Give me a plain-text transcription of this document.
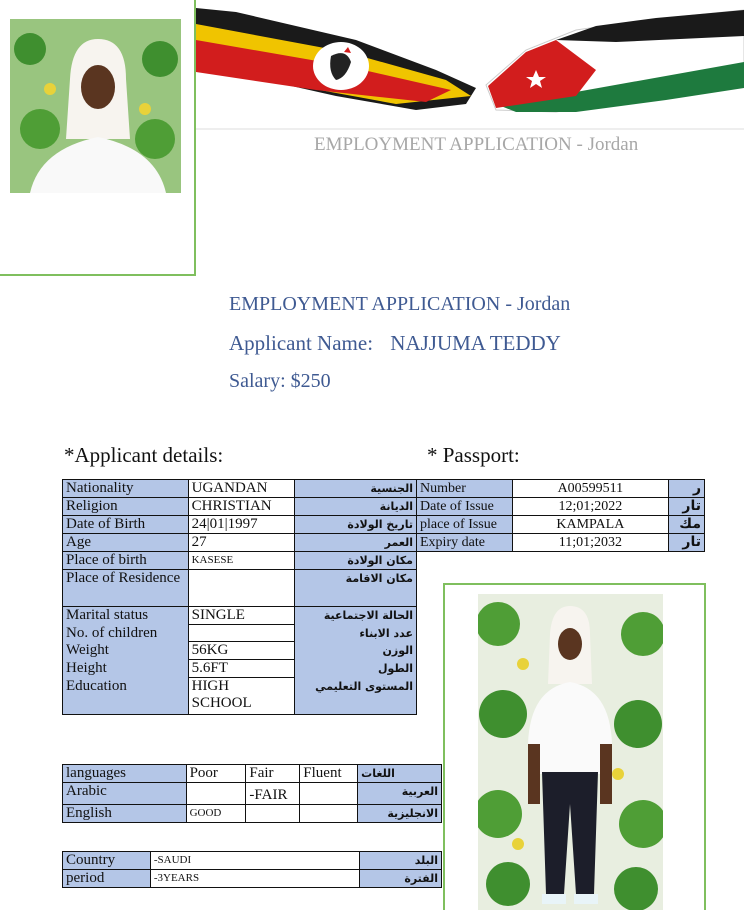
EMPLOYMENT APPLICATION - Jordan
EMPLOYMENT APPLICATION - Jordan
Applicant Name: NAJJUMA TEDDY
Salary: $250
*Applicant details:	* Passport:
Nationality	UGANDAN	الجنسية
Religion	CHRISTIAN	الديانة
Date of Birth	24|01|1997	تاريخ الولادة
Age	27	العمر
Place of birth	KASESE	مكان الولادة
Place of Residence		مكان الاقامة
Marital status	SINGLE	الحالة الاجتماعية
No. of children		عدد الابناء
Weight	56KG	الوزن
Height	5.6FT	الطول
Education	HIGH SCHOOL	المستوى التعليمي
Number	A00599511	ر
Date of Issue	12;01;2022	تار
place of Issue	KAMPALA	مك
Expiry date	11;01;2032	تار
languages	Poor	Fair	Fluent	اللغات
Arabic		-FAIR		العربية
English	GOOD			الانجليزية
Country	-SAUDI	البلد
period	-3YEARS	الفترة
